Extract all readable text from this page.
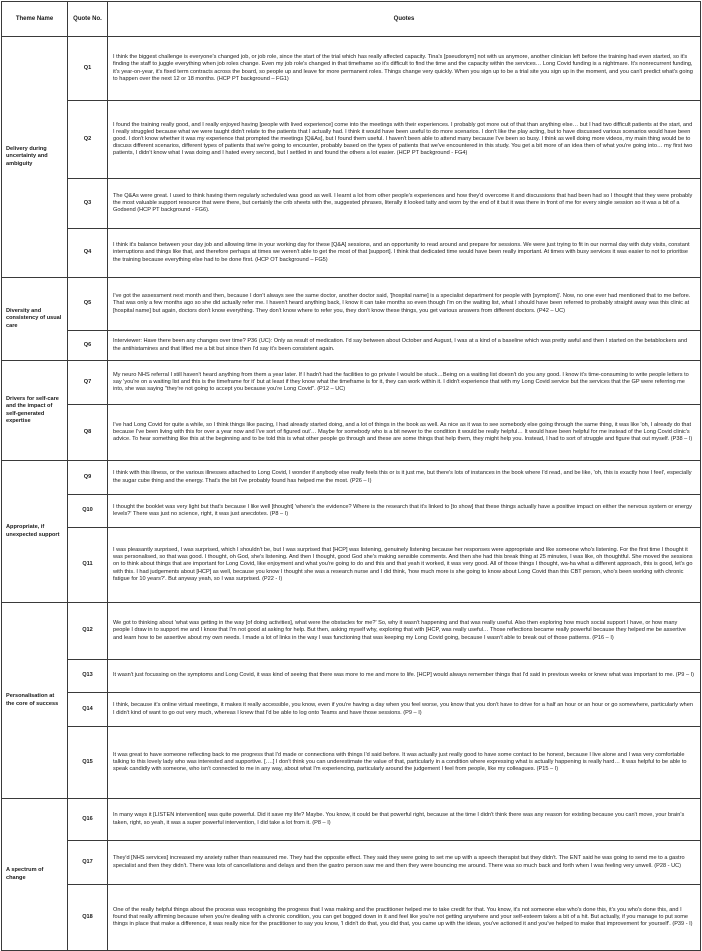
Theme Name	Quote No.	Quotes
Delivery during uncertainty and ambiguity	Q1	I think the biggest challenge is everyone's changed job, or job role, since the start of the trial which has really affected capacity. Tina's [pseudonym] not with us anymore, another clinician left before the training had even started, so it's finding the staff to juggle everything when job roles change. Even my job role's changed in that timeframe so it's difficult to find the time and the capacity within the services… Long Covid funding is a nightmare. It's nonrecurrent funding, it's year-on-year, it's fixed term contracts across the board, so people up and leave for more permanent roles. Things change very quickly. When you sign up to be a trial site you sign up in the moment, and you can't predict what's going to happen over the next 12 or 18 months. (HCP PT background – FG1)
	Q2	I found the training really good, and I really enjoyed having [people with lived experience] come into the meetings with their experiences. I probably got more out of that than anything else… but I had two difficult patients at the start, and I really struggled because what we were taught didn't relate to the patients that I actually had. I think it would have been useful to do more scenarios. I don't like the play acting, but to have discussed various scenarios would have been good. I don't know whether it was my experience that prompted the meetings [Q&As], but I found them useful. I haven't been able to attend many because I've been so busy. I think as well doing more videos, my main thing would be to discuss different scenarios, different types of patients that we're going to encounter, probably based on the types of patients that we've encountered in this study. You get a bit more of an idea then of what you're going into… my first two patients, I didn't know what I was doing and I hated every second, but I settled in and found the others a lot easier. (HCP PT background - FG4)
	Q3	The Q&As were great. I used to think having them regularly scheduled was good as well. I learnt a lot from other people's experiences and how they'd overcome it and discussions that had been had so I thought that they were probably the most valuable support resource that were there, but certainly the crib sheets with the, suggested phrases, literally it looked tatty and worn by the end of it but it was there in front of me for every single session so it was a bit of a Godsend (HCP PT background - FG6).
	Q4	I think it's balance between your day job and allowing time in your working day for these [Q&A] sessions, and an opportunity to read around and prepare for sessions. We were just trying to fit in our normal day with duty visits, constant interruptions and things like that, and therefore perhaps at times we weren't able to get the most of that [support]. I think that dedicated time would have been really important. At times with busy services it was easier to not to prioritise the training because everything else had to be done first. (HCP OT background – FG5)
Diversity and consistency of usual care	Q5	I've got the assessment next month and then, because I don't always see the same doctor, another doctor said, '[hospital name] is a specialist department for people with [symptom]'. Now, no one ever had mentioned that to me before. That was only a few months ago so she did actually refer me. I haven't heard anything back, I know it can take months so even though I'm on the waiting list, what I should have been referred to probably straight away was this clinic at [hospital name] but again, doctors don't know everything. They don't know where to refer you, they don't know these things, you get various answers from different doctors. (P42 – UC)
	Q6	Interviewer: Have there been any changes over time? P36 (UC): Only as result of medication. I'd say between about October and August, I was at a kind of a baseline which was pretty awful and then I started on the betablockers and the antihistamines and that lifted me a bit but since then I'd say it's been consistent again.
Drivers for self-care and the impact of self-generated expertise	Q7	My neuro NHS referral I still haven't heard anything from them a year later. If I hadn't had the facilities to go private I would be stuck…Being on a waiting list doesn't do you any good. I know it's time-consuming to write people letters to say 'you're on a waiting list and this is the timeframe for it' but at least if they know what the timeframe is for it, they can work within it. I didn't experience that with my Long Covid service but the services that the GP were referring me into, she was saying "they're not going to accept you because you're Long Covid". (P12 – UC)
	Q8	I've had Long Covid for quite a while, so I think things like pacing, I had already started doing, and a lot of things in the book as well. As nice as it was to see somebody else going through the same thing, it was like 'oh, I already do that because I've been living with this for over a year now and I've sort of figured out'… Maybe for somebody who is a bit newer to the condition it would be really helpful… It would have been helpful for me instead of the Long Covid clinic's advice. To hear something like this at the beginning and to be told this is what other people go through and these are some things that help them, they might help you. Instead, I had to sort of struggle and figure that out myself. (P38 – I)
Appropriate, if unexpected support	Q9	I think with this illness, or the various illnesses attached to Long Covid, I wonder if anybody else really feels this or is it just me, but there's lots of instances in the book where I'd read, and be like, 'oh, this is exactly how I feel', especially the sugar cube thing and the energy. That's the bit I've probably found has helped me the most. (P26 – I)
	Q10	I thought the booklet was very light but that's because I like well [thought] 'where's the evidence? Where is the research that it's linked to [to show] that these things actually have a positive impact on either the nervous system or energy levels?' There was just no science, right, it was just anecdotes. (P8 – I)
	Q11	I was pleasantly surprised, I was surprised, which I shouldn't be, but I was surprised that [HCP] was listening, genuinely listening because her responses were appropriate and like someone who's listening. For the first time I thought it was personalised, so that was good. I thought, oh God, she's listening. And then I thought, good God she's making sensible comments. And then she had this break thing at 25 minutes, I was like, oh thoughtful. She moved the sessions on to think about things that are important for Long Covid, like enjoyment and what you're going to do and this and that yeah it worked, it was very good. All of those things I thought, wa-ha what a different approach, this is good, let's go with this. I had judgements about [HCP] as well, because you know I thought she was a research nurse and I did think, 'how much more is she going to know about Long Covid than this CBT person, who's been working with chronic fatigue for 10 years?'. But anyway yeah, so I was surprised. (P22 - I)
Personalisation at the core of success	Q12	We got to thinking about 'what was getting in the way [of doing activities], what were the obstacles for me?' So, why it wasn't happening and that was really useful. Also then exploring how much social support I have, or how many people I draw in to support me and I know that I'm not good at asking for help. But then, asking myself why, exploring that with [HCP, was really useful… Those reflections became really powerful because they helped me be assertive and learn how to be assertive about my own needs. I made a lot of links in the way I was functioning that was keeping my Long Covid going, because I wasn't able to break out of those patterns. (P16 – I)
	Q13	It wasn't just focussing on the symptoms and Long Covid, it was kind of seeing that there was more to me and more to life. [HCP] would always remember things that I'd said in previous weeks or knew what was important to me. (P9 – I)
	Q14	I think, because it's online virtual meetings, it makes it really accessible, you know, even if you're having a day when you feel worse, you know that you don't have to drive for a half an hour or an hour or go somewhere, particularly when I didn't kind of want to go out very much, whereas I knew that I'd be able to log onto Teams and have those sessions. (P9 – I)
	Q15	It was great to have someone reflecting back to me progress that I'd made or connections with things I'd said before. It was actually just really good to have some contact to be honest, because I live alone and I was very comfortable talking to this lovely lady who was interested and supportive. [….] I don't think you can underestimate the value of that, particularly in a condition where expressing what is actually happening is really hard… It was helpful to be able to speak candidly with someone, who isn't connected to me in any way, about what I'm experiencing, particularly around the judgement I feel from people, like my colleagues. (P15 – I)
A spectrum of change	Q16	In many ways it [LISTEN intervention] was quite powerful. Did it save my life? Maybe. You know, it could be that powerful right, because at the time I didn't think there was any reason for existing because you can't move, your brain's taken, right, so yeah, it was a super powerful intervention, I did take a lot from it. (P8 – I)
	Q17	They'd [NHS services] increased my anxiety rather than reassured me. They had the opposite effect. They said they were going to set me up with a speech therapist but they didn't. The ENT said he was going to send me to a gastro specialist and then they didn't. There was lots of cancellations and delays and then the gastro person saw me and then they were bouncing me around. There was so much back and forth when I was feeling very unwell. (P28 - UC)
	Q18	One of the really helpful things about the process was recognising the progress that I was making and the practitioner helped me to take credit for that. You know, it's not someone else who's done this, it's you who's done this, and I found that really affirming because when you're dealing with a chronic condition, you can get bogged down in it and feel like you're not getting anywhere and your self-esteem takes a bit of a hit. But actually, if you manage to put some things in place that make a difference, it was really nice for the practitioner to say you know, 'I didn't do that, you did that, you came up with the ideas, you've actioned it and you've helped to make that improvement for yourself'. (P39 - I)
